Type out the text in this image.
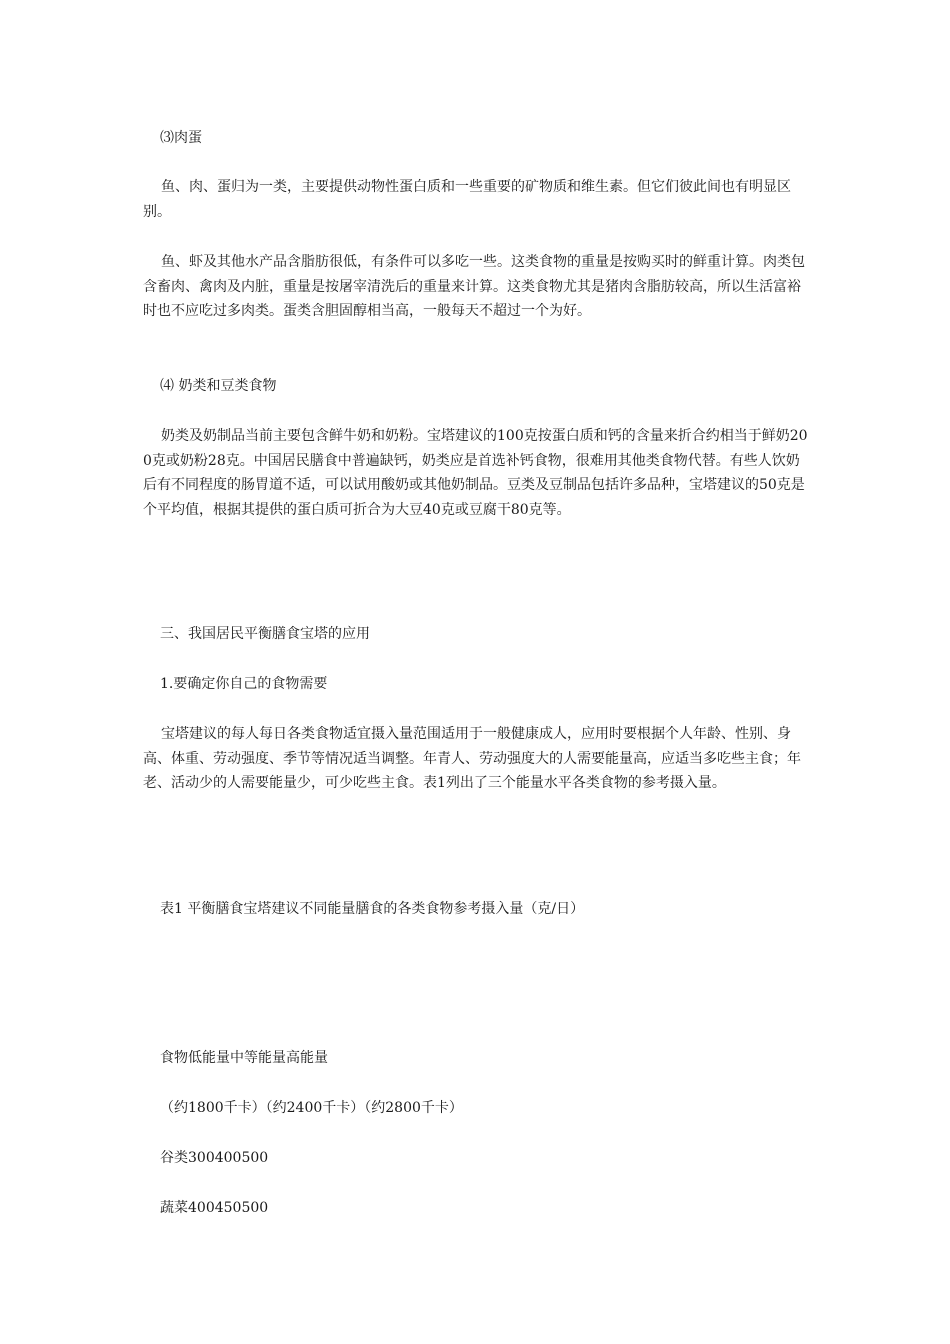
⑶肉蛋
鱼、肉、蛋归为一类，主要提供动物性蛋白质和一些重要的矿物质和维生素。但它们彼此间也有明显区别。
鱼、虾及其他水产品含脂肪很低，有条件可以多吃一些。这类食物的重量是按购买时的鲜重计算。肉类包含畜肉、禽肉及内脏，重量是按屠宰清洗后的重量来计算。这类食物尤其是猪肉含脂肪较高，所以生活富裕时也不应吃过多肉类。蛋类含胆固醇相当高，一般每天不超过一个为好。
⑷ 奶类和豆类食物
奶类及奶制品当前主要包含鲜牛奶和奶粉。宝塔建议的100克按蛋白质和钙的含量来折合约相当于鲜奶200克或奶粉28克。中国居民膳食中普遍缺钙，奶类应是首选补钙食物，很难用其他类食物代替。有些人饮奶后有不同程度的肠胃道不适，可以试用酸奶或其他奶制品。豆类及豆制品包括许多品种，宝塔建议的50克是个平均值，根据其提供的蛋白质可折合为大豆40克或豆腐干80克等。
三、我国居民平衡膳食宝塔的应用
1.要确定你自己的食物需要
宝塔建议的每人每日各类食物适宜摄入量范围适用于一般健康成人，应用时要根据个人年龄、性别、身高、体重、劳动强度、季节等情况适当调整。年青人、劳动强度大的人需要能量高，应适当多吃些主食；年老、活动少的人需要能量少，可少吃些主食。表1列出了三个能量水平各类食物的参考摄入量。
表1 平衡膳食宝塔建议不同能量膳食的各类食物参考摄入量（克/日）
食物低能量中等能量高能量
（约1800千卡）（约2400千卡）（约2800千卡）
谷类300400500
蔬菜400450500
